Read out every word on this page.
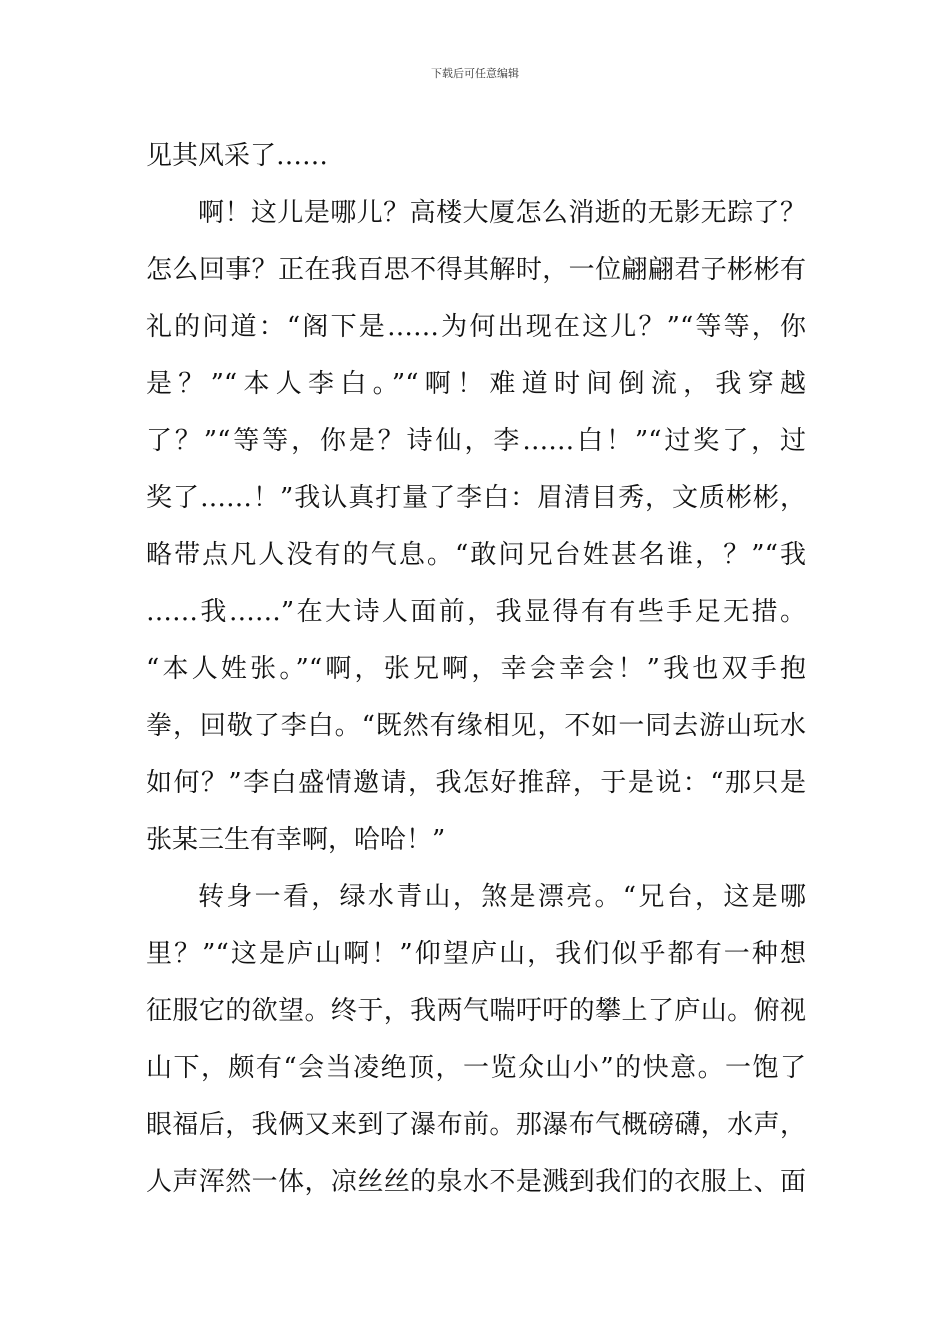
下载后可任意编辑
见其风采了……
啊！这儿是哪儿？高楼大厦怎么消逝的无影无踪了？
怎么回事？正在我百思不得其解时，一位翩翩君子彬彬有
礼的问道：“阁下是……为何出现在这儿？”“等等，你
是？”“本人李白。”“啊！难道时间倒流，我穿越
了？”“等等，你是？诗仙，李……白！”“过奖了，过
奖了……！”我认真打量了李白：眉清目秀，文质彬彬，
略带点凡人没有的气息。“敢问兄台姓甚名谁，？”“我
……我……”在大诗人面前，我显得有有些手足无措。
“本人姓张。”“啊，张兄啊，幸会幸会！”我也双手抱
拳，回敬了李白。“既然有缘相见，不如一同去游山玩水
如何？”李白盛情邀请，我怎好推辞，于是说：“那只是
张某三生有幸啊，哈哈！”
转身一看，绿水青山，煞是漂亮。“兄台，这是哪
里？”“这是庐山啊！”仰望庐山，我们似乎都有一种想
征服它的欲望。终于，我两气喘吁吁的攀上了庐山。俯视
山下，颇有“会当凌绝顶，一览众山小”的快意。一饱了
眼福后，我俩又来到了瀑布前。那瀑布气概磅礴，水声，
人声浑然一体，凉丝丝的泉水不是溅到我们的衣服上、面
